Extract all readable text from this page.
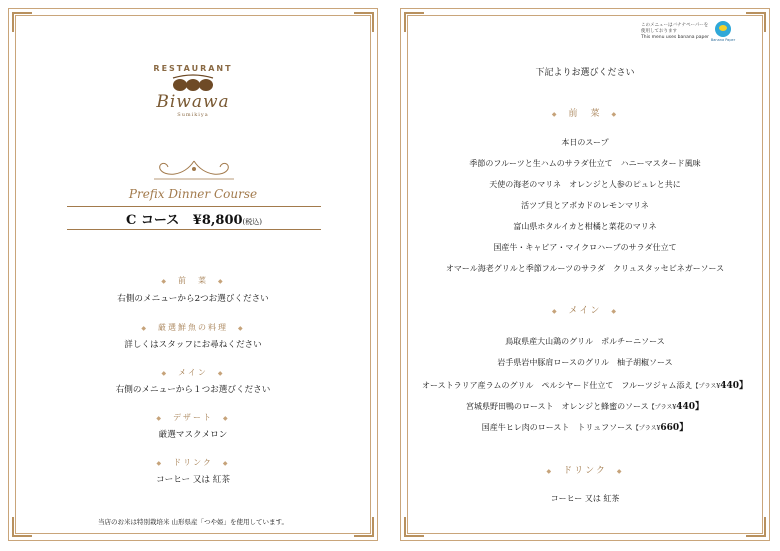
RESTAURANT
Biwawa
Sumikiya
Prefix Dinner Course
C コース ¥8,800(税込)
◆ 前　菜 ◆
右側のメニューから2つお選びください
◆ 厳選鮮魚の料理 ◆
詳しくはスタッフにお尋ねください
◆ メイン ◆
右側のメニューから１つお選びください
◆ デザート ◆
厳選マスクメロン
◆ ドリンク ◆
コーヒー 又は 紅茶
当店のお米は特別栽培米 山形県産「つや姫」を使用しています。
このメニューはバナナペーパーを
使用しております
This menu uses banana paper Banana Paper
下記よりお選びください
◆ 前　菜 ◆
本日のスープ
季節のフルーツと生ハムのサラダ仕立て　ハニーマスタード風味
天使の海老のマリネ　オレンジと人参のピュレと共に
活ツブ貝とアボカドのレモンマリネ
富山県ホタルイカと柑橘と菜花のマリネ
国産牛・キャビア・マイクロハーブのサラダ仕立て
オマール海老グリルと季節フルーツのサラダ　クリュスタッセビネガーソース
◆ メイン ◆
鳥取県産大山鶏のグリル　ポルチーニソース
岩手県岩中豚肩ロースのグリル　柚子胡椒ソース
オーストラリア産ラムのグリル　ペルシヤード仕立て　フルーツジャム添え【プラス¥440】
宮城県野田鴨のロースト　オレンジと蜂蜜のソース【プラス¥440】
国産牛ヒレ肉のロースト　トリュフソース【プラス¥660】
◆ ドリンク ◆
コーヒー 又は 紅茶
